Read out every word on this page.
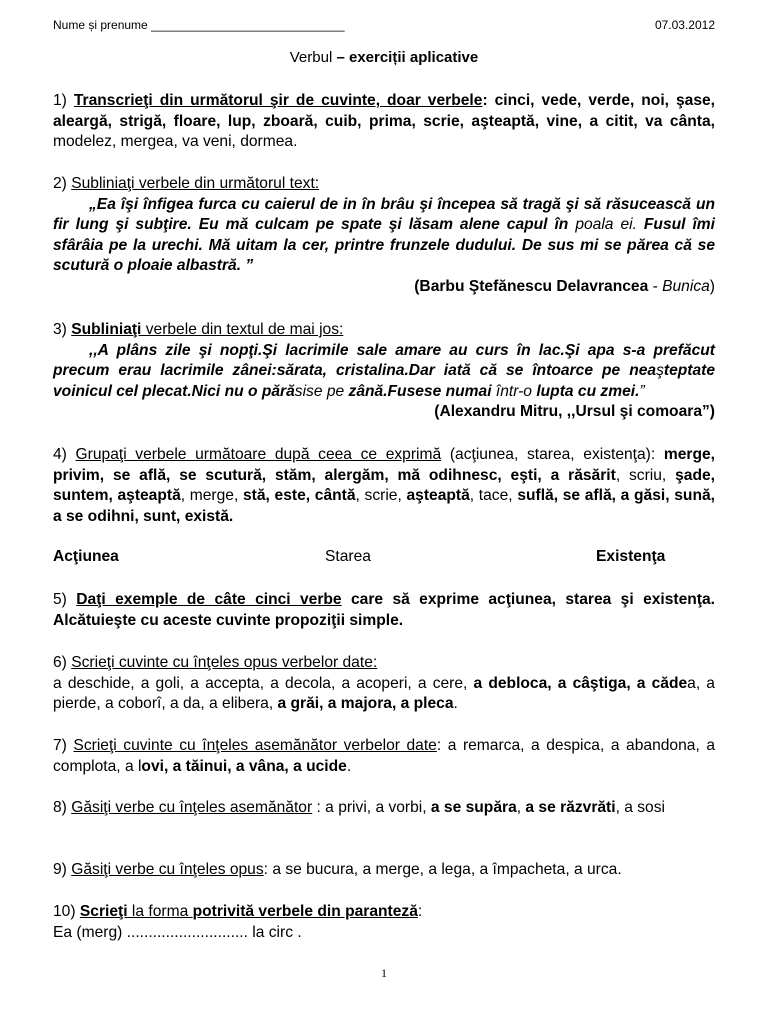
Nume și prenume _____________________________	07.03.2012
Verbul – exerciții aplicative

1) Transcrieţi din următorul şir de cuvinte, doar verbele: cinci, vede, verde, noi, şase, aleargă, strigă, floare, lup, zboară, cuib, prima, scrie, aşteaptă, vine, a citit, va cânta, modelez, mergea, va veni, dormea.

2) Subliniaţi verbele din următorul text:

„Ea îşi înfigea furca cu caierul de in în brâu şi începea să tragă şi să răsucească un fir lung şi subţire. Eu mă culcam pe spate şi lăsam alene capul în poala ei. Fusul îmi sfârâia pe la urechi. Mă uitam la cer, printre frunzele dudului. De sus mi se părea că se scutură o ploaie albastră. ”

(Barbu Ştefănescu Delavrancea - Bunica)

3) Subliniaţi verbele din textul de mai jos:

,,A plâns zile şi nopţi.Şi lacrimile sale amare au curs în lac.Şi apa s-a prefăcut precum erau lacrimile zânei:sărata, cristalina.Dar iată că se întoarce pe neaşteptate voinicul cel plecat.Nici nu o părăsise pe zână.Fusese numai într-o lupta cu zmei.”

(Alexandru Mitru, ,,Ursul şi comoara”)

4) Grupaţi verbele următoare după ceea ce exprimă (acţiunea, starea, existenţa): merge, privim, se află, se scutură, stăm, alergăm, mă odihnesc, eşti, a răsărit, scriu, şade, suntem, aşteaptă, merge, stă, este, cântă, scrie, aşteaptă, tace, suflă, se află, a găsi, sună, a se odihni, sunt, există.

Acţiunea	Starea	Existenţa

5) Daţi exemple de câte cinci verbe care să exprime acţiunea, starea şi existenţa. Alcătuieşte cu aceste cuvinte propoziţii simple.

6) Scrieţi cuvinte cu înţeles opus verbelor date:
a deschide, a goli, a accepta, a decola, a acoperi, a cere, a debloca, a câştiga, a cădea, a pierde, a coborî, a da, a elibera, a grăi, a majora, a pleca.

7) Scrieţi cuvinte cu înţeles asemănător verbelor date: a remarca, a despica, a abandona, a complota, a lovi, a tăinui, a vâna, a ucide.

8) Găsiţi verbe cu înţeles asemănător : a privi, a vorbi, a se supăra, a se răzvrăti, a sosi

9) Găsiţi verbe cu înţeles opus: a se bucura, a merge, a lega, a împacheta, a urca.

10) Scrieţi la forma potrivită verbele din paranteză:

Ea (merg) ............................ la circ .

1
